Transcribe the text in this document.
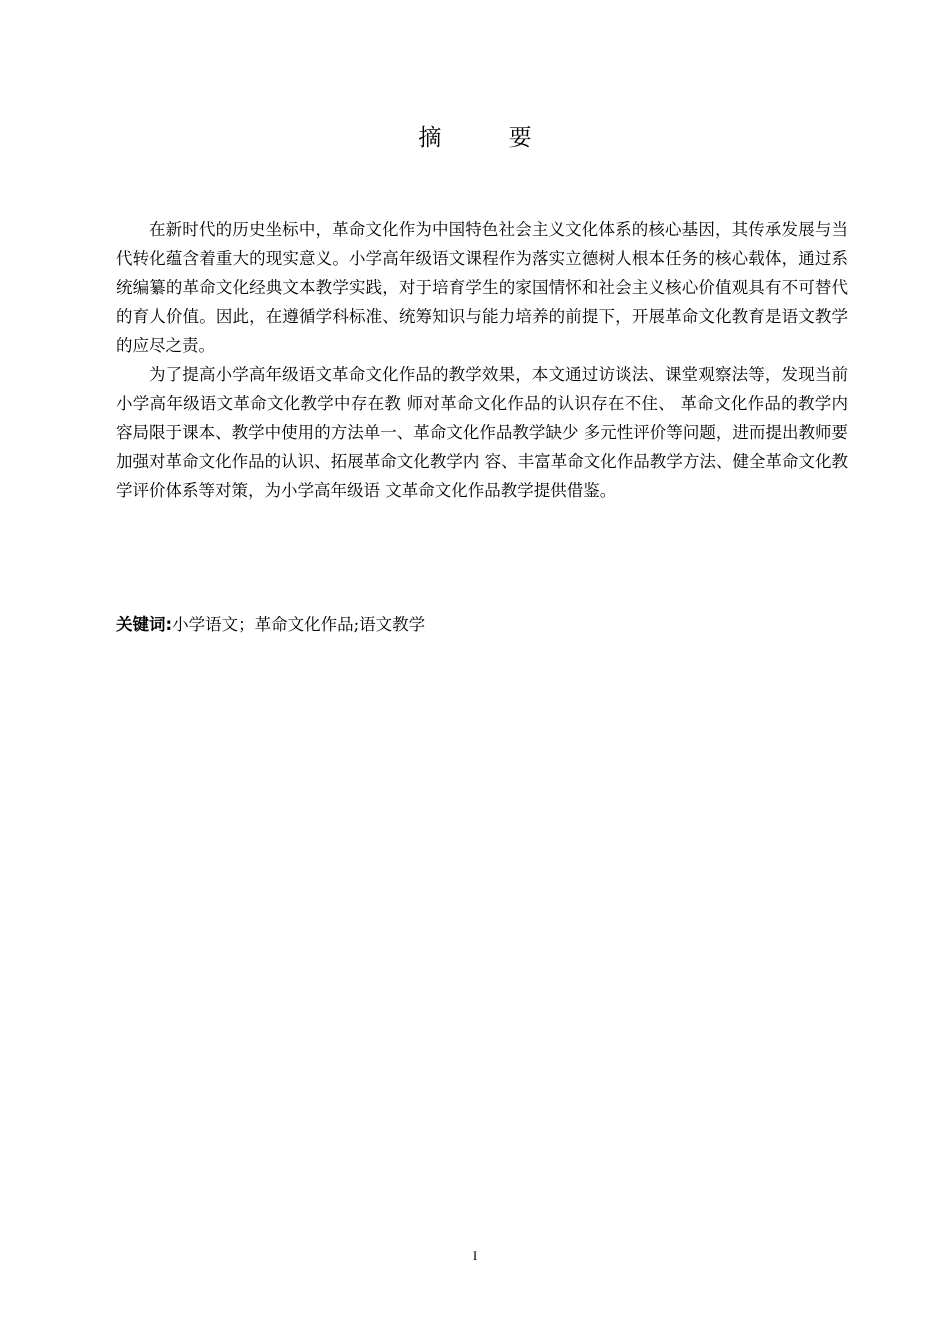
摘 要

在新时代的历史坐标中，革命文化作为中国特色社会主义文化体系的核心基因，其传承发展与当代转化蕴含着重大的现实意义。小学高年级语文课程作为落实立德树人根本任务的核心载体，通过系统编纂的革命文化经典文本教学实践，对于培育学生的家国情怀和社会主义核心价值观具有不可替代的育人价值。因此，在遵循学科标准、统筹知识与能力培养的前提下，开展革命文化教育是语文教学的应尽之责。

为了提高小学高年级语文革命文化作品的教学效果，本文通过访谈法、课堂观察法等，发现当前小学高年级语文革命文化教学中存在教 师对革命文化作品的认识存在不住、 革命文化作品的教学内容局限于课本、教学中使用的方法单一、革命文化作品教学缺少 多元性评价等问题，进而提出教师要加强对革命文化作品的认识、拓展革命文化教学内 容、丰富革命文化作品教学方法、健全革命文化教学评价体系等对策，为小学高年级语 文革命文化作品教学提供借鉴。

关键词:小学语文；革命文化作品;语文教学
I
